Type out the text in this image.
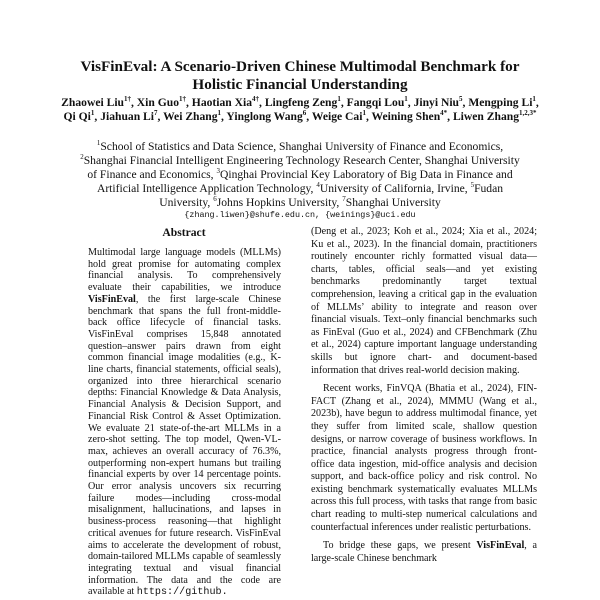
VisFinEval: A Scenario-Driven Chinese Multimodal Benchmark for
Holistic Financial Understanding
Zhaowei Liu$^{1\dagger}$, Xin Guo$^{1\dagger}$, Haotian Xia$^{4\dagger}$, Lingfeng Zeng$^1$, Fangqi Lou$^1$, Jinyi Niu$^5$, Mengping Li$^1$, Qi Qi$^1$, Jiahuan Li$^7$, Wei Zhang$^1$, Yinglong Wang$^6$, Weige Cai$^1$, Weining Shen$^{4*}$, Liwen Zhang$^{1,2,3*}$
$^1$School of Statistics and Data Science, Shanghai University of Finance and Economics, $^2$Shanghai Financial Intelligent Engineering Technology Research Center, Shanghai University of Finance and Economics, $^3$Qinghai Provincial Key Laboratory of Big Data in Finance and Artificial Intelligence Application Technology, $^4$University of California, Irvine, $^5$Fudan University, $^6$Johns Hopkins University, $^7$Shanghai University
{zhang.liwen}@shufe.edu.cn, {weinings}@uci.edu
Abstract
Multimodal large language models (MLLMs) hold great promise for automating complex financial analysis. To comprehensively evaluate their capabilities, we introduce VisFinEval, the first large-scale Chinese benchmark that spans the full front-middle-back office lifecycle of financial tasks. VisFinEval comprises 15,848 annotated question–answer pairs drawn from eight common financial image modalities (e.g., K-line charts, financial statements, official seals), organized into three hierarchical scenario depths: Financial Knowledge & Data Analysis, Financial Analysis & Decision Support, and Financial Risk Control & Asset Optimization. We evaluate 21 state-of-the-art MLLMs in a zero-shot setting. The top model, Qwen-VL-max, achieves an overall accuracy of 76.3%, outperforming non-expert humans but trailing financial experts by over 14 percentage points. Our error analysis uncovers six recurring failure modes—including cross-modal misalignment, hallucinations, and lapses in business-process reasoning—that highlight critical avenues for future research. VisFinEval aims to accelerate the development of robust, domain-tailored MLLMs capable of seamlessly integrating textual and visual financial information. The data and the code are available at https://github.

(Deng et al., 2023; Koh et al., 2024; Xia et al., 2024; Ku et al., 2023). In the financial domain, practitioners routinely encounter richly formatted visual data—charts, tables, official seals—and yet existing benchmarks predominantly target textual comprehension, leaving a critical gap in the evaluation of MLLMs’ ability to integrate and reason over financial visuals. Text–only financial benchmarks such as FinEval (Guo et al., 2024) and CFBenchmark (Zhu et al., 2024) capture important language understanding skills but ignore chart- and document-based information that drives real-world decision making.

Recent works, FinVQA (Bhatia et al., 2024), FIN-FACT (Zhang et al., 2024), MMMU (Wang et al., 2023b), have begun to address multimodal finance, yet they suffer from limited scale, shallow question designs, or narrow coverage of business workflows. In practice, financial analysts progress through front-office data ingestion, mid-office analysis and decision support, and back-office policy and risk control. No existing benchmark systematically evaluates MLLMs across this full process, with tasks that range from basic chart reading to multi-step numerical calculations and counterfactual inferences under realistic perturbations.

To bridge these gaps, we present VisFinEval, a large-scale Chinese benchmark
